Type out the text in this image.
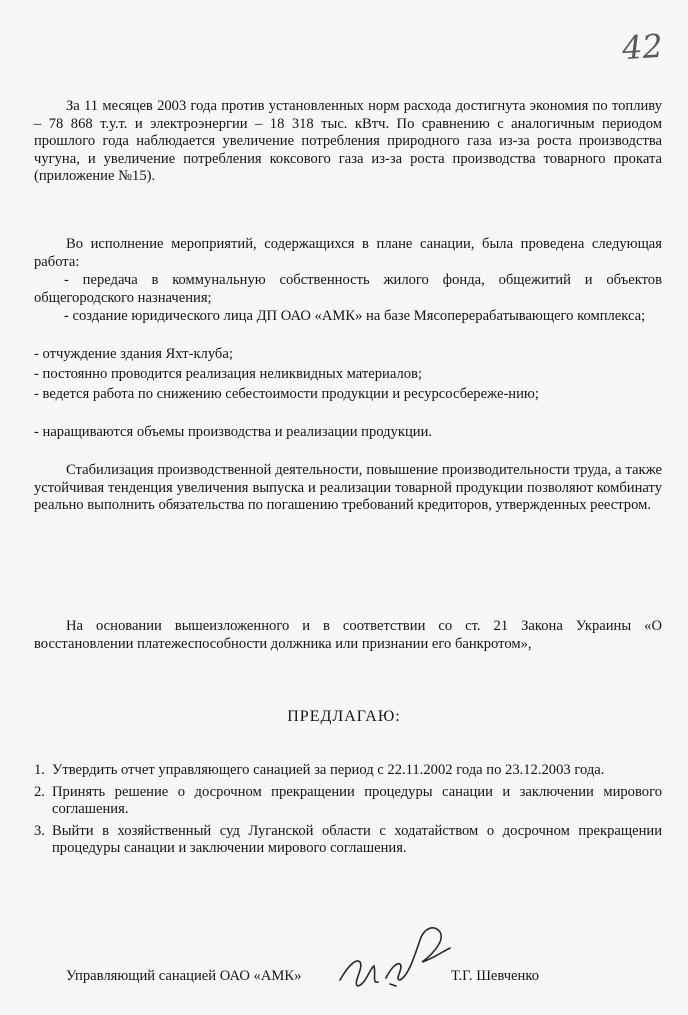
42

За 11 месяцев 2003 года против установленных норм расхода достигнута экономия по топливу – 78 868 т.у.т. и электроэнергии – 18 318 тыс. кВтч. По сравнению с аналогичным периодом прошлого года наблюдается увеличение потребления природного газа из-за роста производства чугуна, и увеличение потребления коксового газа из-за роста производства товарного проката (приложение №15).

Во исполнение мероприятий, содержащихся в плане санации, была проведена следующая работа:

- передача в коммунальную собственность жилого фонда, общежитий и объектов общегородского назначения;

- создание юридического лица ДП ОАО «АМК» на базе Мясоперерабатывающего комплекса;

- отчуждение здания Яхт-клуба;

- постоянно проводится реализация неликвидных материалов;

- ведется работа по снижению себестоимости продукции и ресурсосбереже-нию;

- наращиваются объемы производства и реализации продукции.

Стабилизация производственной деятельности, повышение производительности труда, а также устойчивая тенденция увеличения выпуска и реализации товарной продукции позволяют комбинату реально выполнить обязательства по погашению требований кредиторов, утвержденных реестром.

На основании вышеизложенного и в соответствии со ст. 21 Закона Украины «О восстановлении платежеспособности должника или признании его банкротом»,

ПРЕДЛАГАЮ:

1. Утвердить отчет управляющего санацией за период с 22.11.2002 года по 23.12.2003 года.
2. Принять решение о досрочном прекращении процедуры санации и заключении мирового соглашения.
3. Выйти в хозяйственный суд Луганской области с ходатайством о досрочном прекращении процедуры санации и заключении мирового соглашения.
Управляющий санацией ОАО «АМК»	Т.Г. Шевченко
